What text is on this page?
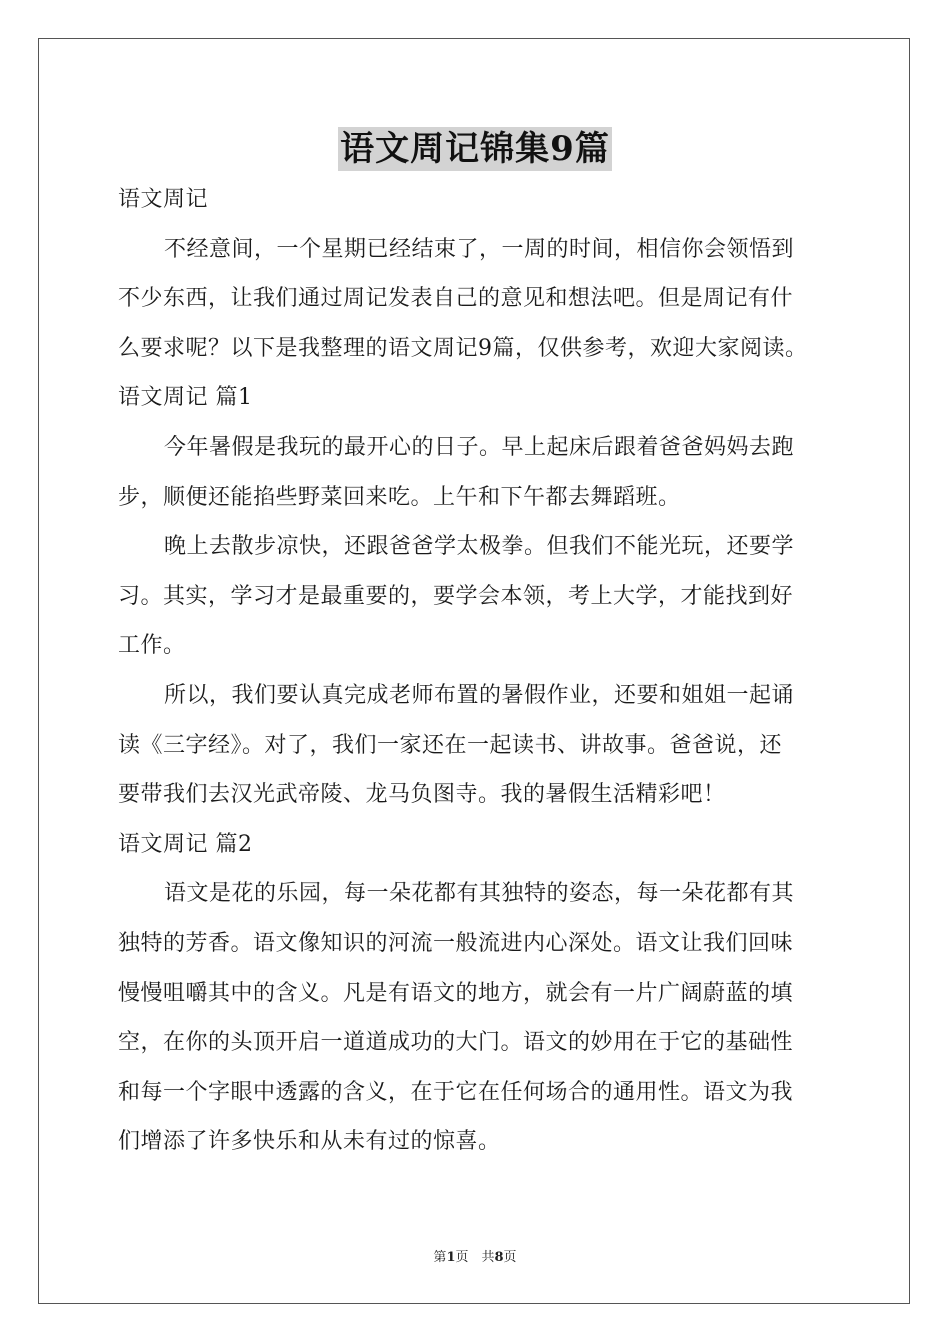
语文周记锦集9篇

语文周记

不经意间，一个星期已经结束了，一周的时间，相信你会领悟到

不少东西，让我们通过周记发表自己的意见和想法吧。但是周记有什

么要求呢？以下是我整理的语文周记9篇，仅供参考，欢迎大家阅读。

语文周记 篇1

今年暑假是我玩的最开心的日子。早上起床后跟着爸爸妈妈去跑

步，顺便还能掐些野菜回来吃。上午和下午都去舞蹈班。

晚上去散步凉快，还跟爸爸学太极拳。但我们不能光玩，还要学

习。其实，学习才是最重要的，要学会本领，考上大学，才能找到好

工作。

所以，我们要认真完成老师布置的暑假作业，还要和姐姐一起诵

读《三字经》。对了，我们一家还在一起读书、讲故事。爸爸说，还

要带我们去汉光武帝陵、龙马负图寺。我的暑假生活精彩吧！

语文周记 篇2

语文是花的乐园，每一朵花都有其独特的姿态，每一朵花都有其

独特的芳香。语文像知识的河流一般流进内心深处。语文让我们回味

慢慢咀嚼其中的含义。凡是有语文的地方，就会有一片广阔蔚蓝的填

空，在你的头顶开启一道道成功的大门。语文的妙用在于它的基础性

和每一个字眼中透露的含义，在于它在任何场合的通用性。语文为我

们增添了许多快乐和从未有过的惊喜。

第1页　共8页
